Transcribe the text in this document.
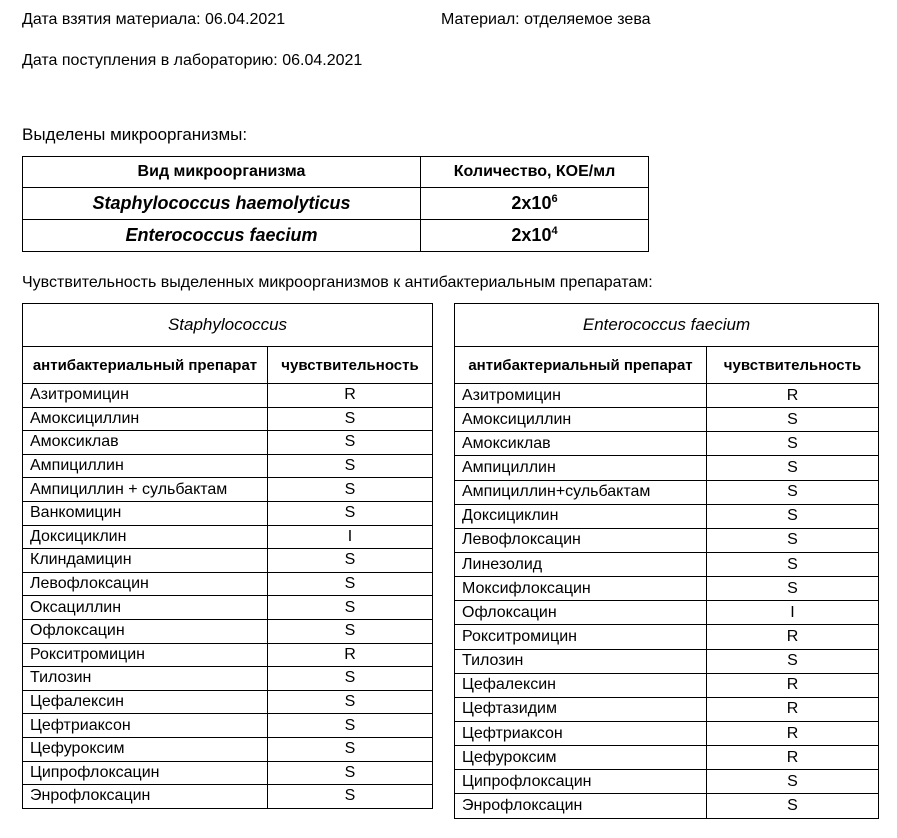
Дата взятия материала: 06.04.2021	Материал: отделяемое зева
Дата поступления в лабораторию: 06.04.2021
Выделены микроорганизмы:
Вид микроорганизма	Количество, КОЕ/мл
Staphylococcus haemolyticus	$2x10^6$
Enterococcus faecium	$2x10^4$
Чувствительность выделенных микроорганизмов к антибактериальным препаратам:
Staphylococcus	
антибактериальный препарат	чувствительность
Азитромицин	R
Амоксициллин	S
Амоксиклав	S
Ампициллин	S
Ампициллин + сульбактам	S
Ванкомицин	S
Доксициклин	I
Клиндамицин	S
Левофлоксацин	S
Оксациллин	S
Офлоксацин	S
Рокситромицин	R
Тилозин	S
Цефалексин	S
Цефтриаксон	S
Цефуроксим	S
Ципрофлоксацин	S
Энрофлоксацин	S
Enterococcus faecium	
антибактериальный препарат	чувствительность
Азитромицин	R
Амоксициллин	S
Амоксиклав	S
Ампициллин	S
Ампициллин+сульбактам	S
Доксициклин	S
Левофлоксацин	S
Линезолид	S
Моксифлоксацин	S
Офлоксацин	I
Рокситромицин	R
Тилозин	S
Цефалексин	R
Цефтазидим	R
Цефтриаксон	R
Цефуроксим	R
Ципрофлоксацин	S
Энрофлоксацин	S
